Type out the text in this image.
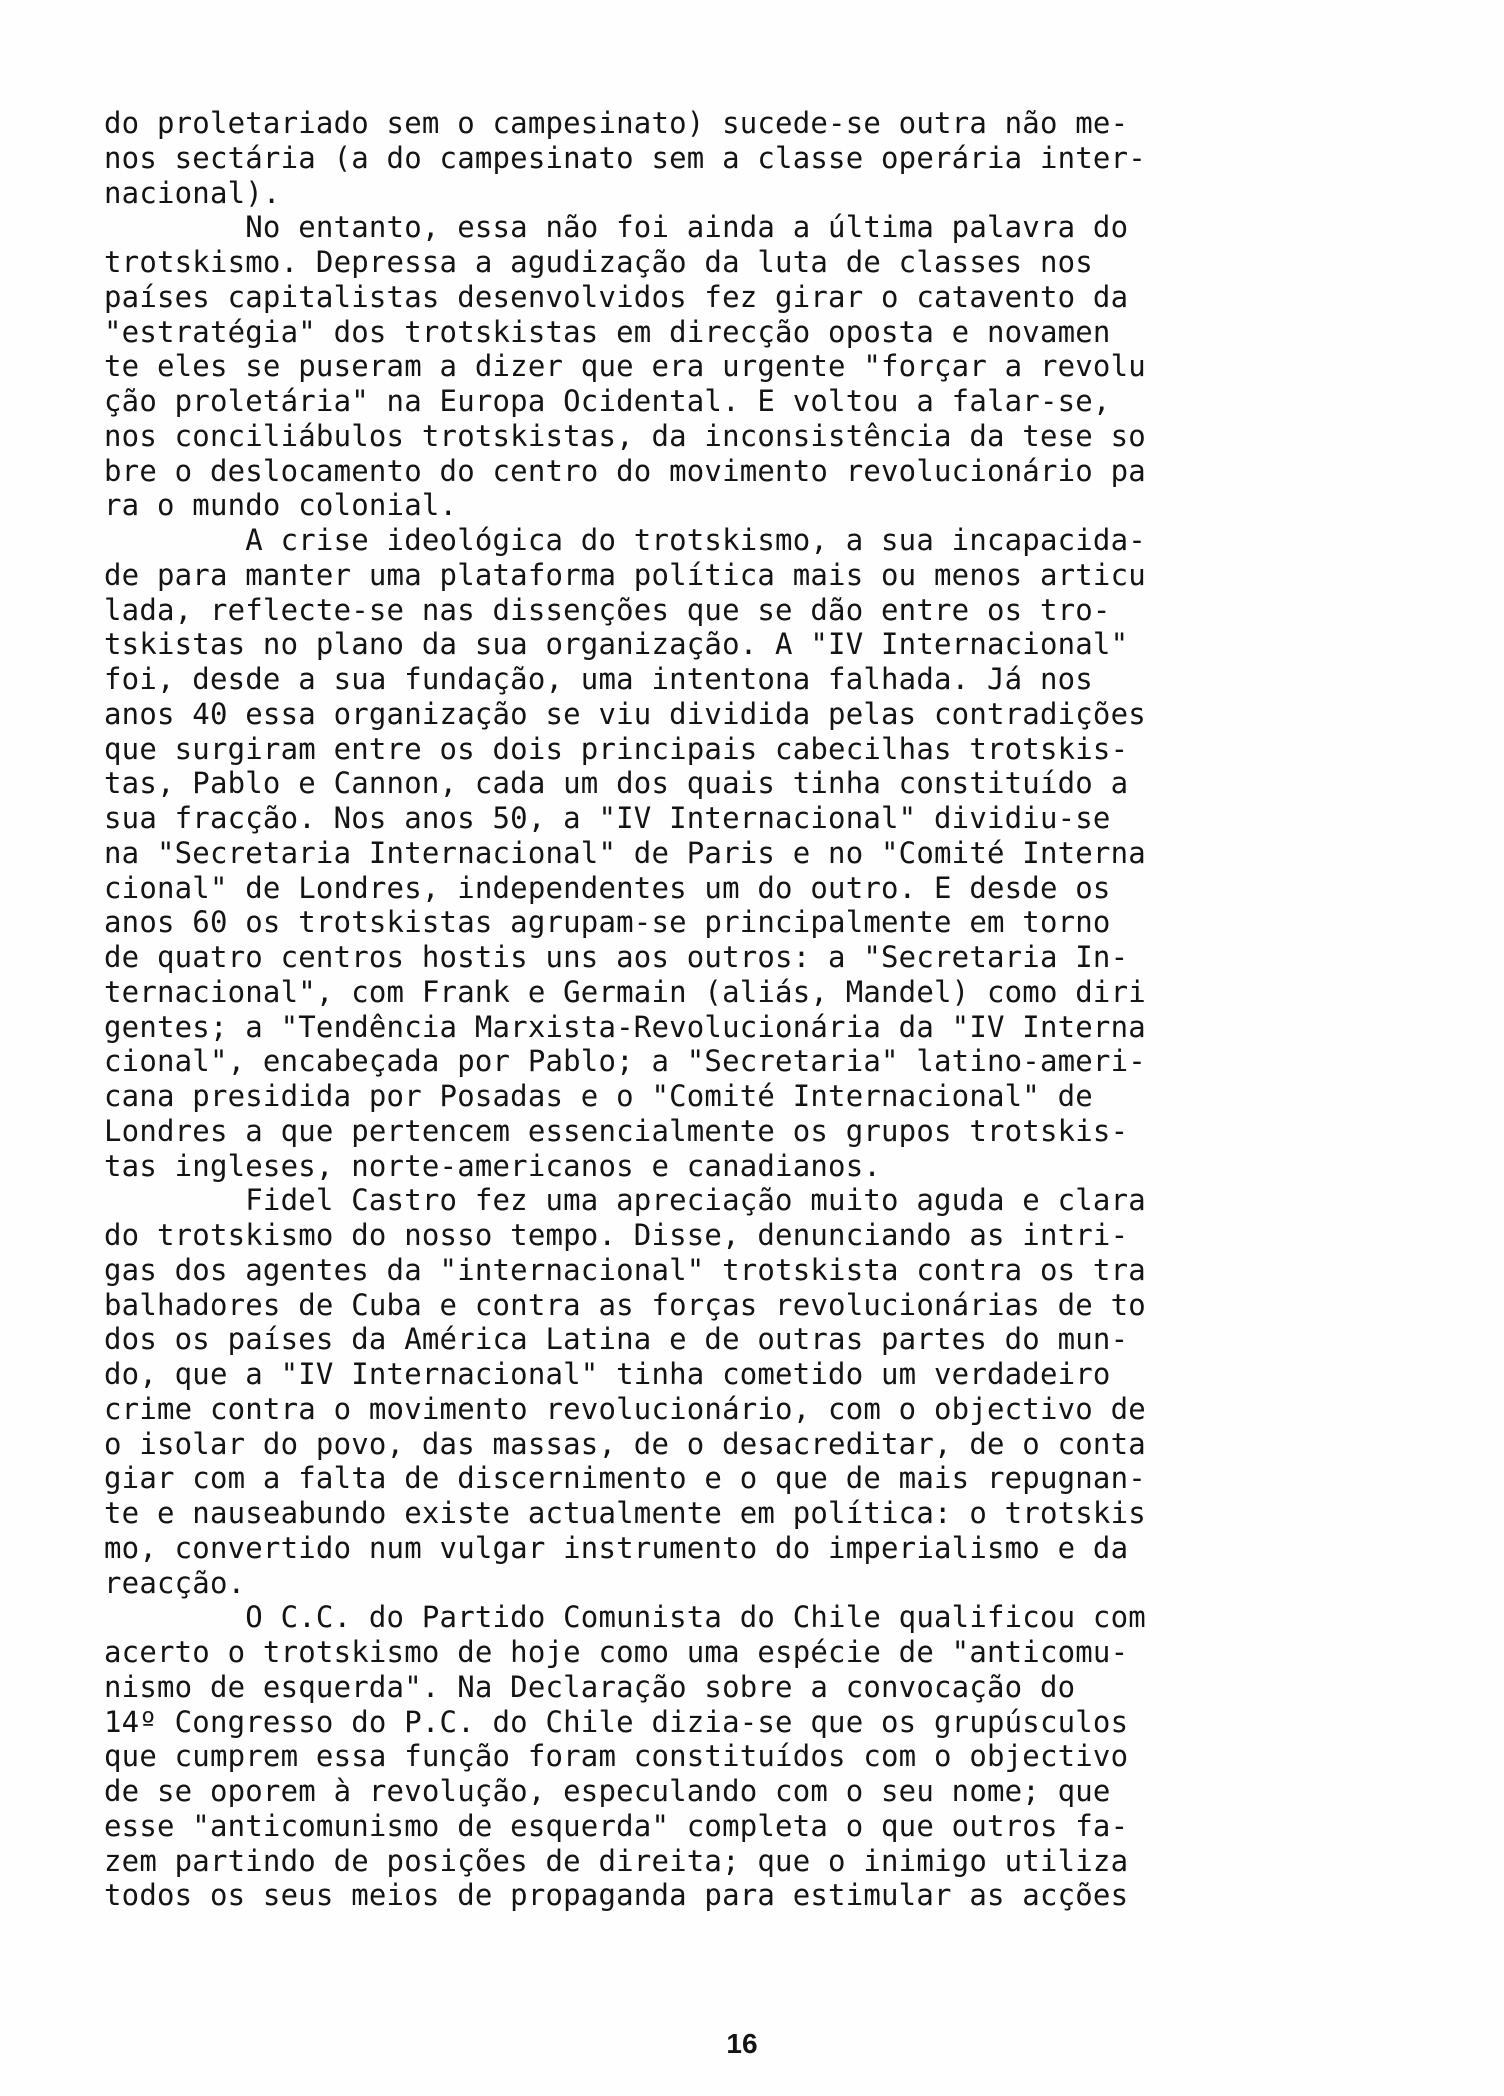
do proletariado sem o campesinato) sucede-se outra não me-
nos sectária (a do campesinato sem a classe operária inter-
nacional).
No entanto, essa não foi ainda a última palavra do
trotskismo. Depressa a agudização da luta de classes nos
países capitalistas desenvolvidos fez girar o catavento da
"estratégia" dos trotskistas em direcção oposta e novamen
te eles se puseram a dizer que era urgente "forçar a revolu
ção proletária" na Europa Ocidental. E voltou a falar-se,
nos conciliábulos trotskistas, da inconsistência da tese so
bre o deslocamento do centro do movimento revolucionário pa
ra o mundo colonial.
A crise ideológica do trotskismo, a sua incapacida-
de para manter uma plataforma política mais ou menos articu
lada, reflecte-se nas dissenções que se dão entre os tro-
tskistas no plano da sua organização. A "IV Internacional"
foi, desde a sua fundação, uma intentona falhada. Já nos
anos 40 essa organização se viu dividida pelas contradições
que surgiram entre os dois principais cabecilhas trotskis-
tas, Pablo e Cannon, cada um dos quais tinha constituído a
sua fracção. Nos anos 50, a "IV Internacional" dividiu-se
na "Secretaria Internacional" de Paris e no "Comité Interna
cional" de Londres, independentes um do outro. E desde os
anos 60 os trotskistas agrupam-se principalmente em torno
de quatro centros hostis uns aos outros: a "Secretaria In-
ternacional", com Frank e Germain (aliás, Mandel) como diri
gentes; a "Tendência Marxista-Revolucionária da "IV Interna
cional", encabeçada por Pablo; a "Secretaria" latino-ameri-
cana presidida por Posadas e o "Comité Internacional" de
Londres a que pertencem essencialmente os grupos trotskis-
tas ingleses, norte-americanos e canadianos.
Fidel Castro fez uma apreciação muito aguda e clara
do trotskismo do nosso tempo. Disse, denunciando as intri-
gas dos agentes da "internacional" trotskista contra os tra
balhadores de Cuba e contra as forças revolucionárias de to
dos os países da América Latina e de outras partes do mun-
do, que a "IV Internacional" tinha cometido um verdadeiro
crime contra o movimento revolucionário, com o objectivo de
o isolar do povo, das massas, de o desacreditar, de o conta
giar com a falta de discernimento e o que de mais repugnan-
te e nauseabundo existe actualmente em política: o trotskis
mo, convertido num vulgar instrumento do imperialismo e da
reacção.
O C.C. do Partido Comunista do Chile qualificou com
acerto o trotskismo de hoje como uma espécie de "anticomu-
nismo de esquerda". Na Declaração sobre a convocação do
14º Congresso do P.C. do Chile dizia-se que os grupúsculos
que cumprem essa função foram constituídos com o objectivo
de se oporem à revolução, especulando com o seu nome; que
esse "anticomunismo de esquerda" completa o que outros fa-
zem partindo de posições de direita; que o inimigo utiliza
todos os seus meios de propaganda para estimular as acções
16
